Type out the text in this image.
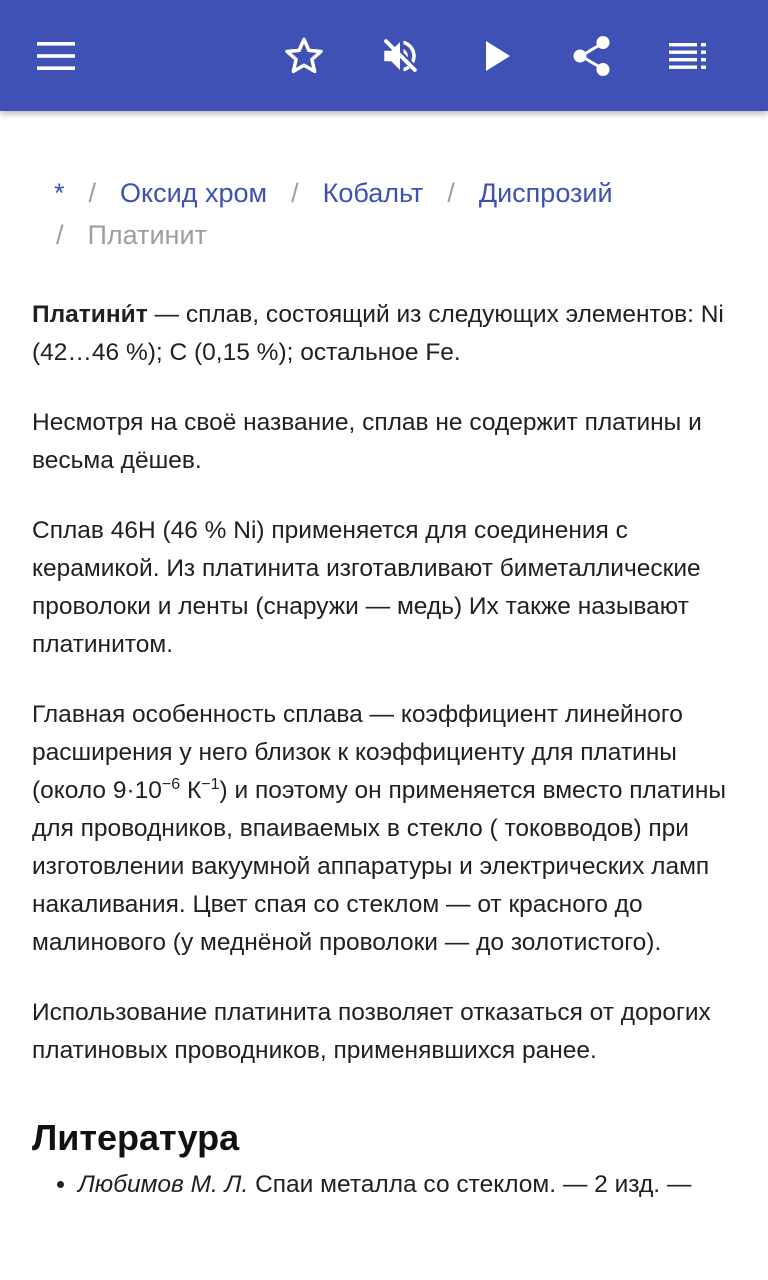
* / Оксид хром / Кобальт / Диспрозий
/ Платинит

Платини́т — сплав, состоящий из следующих элементов: Ni (42…46 %); C (0,15 %); остальное Fe.

Несмотря на своё название, сплав не содержит платины и весьма дёшев.

Сплав 46Н (46 % Ni) применяется для соединения с керамикой. Из платинита изготавливают биметаллические проволоки и ленты (снаружи — медь) Их также называют платинитом.

Главная особенность сплава — коэффициент линейного расширения у него близок к коэффициенту для платины (около $9\cdot 10^{-6}$ $К^{-1}$) и поэтому он применяется вместо платины для проводников, впаиваемых в стекло ( токовводов) при изготовлении вакуумной аппаратуры и электрических ламп накаливания. Цвет спая со стеклом — от красного до малинового (у меднёной проволоки — до золотистого).

Использование платинита позволяет отказаться от дорогих платиновых проводников, применявшихся ранее.

Литература
• Любимов М. Л. Спаи металла со стеклом. — 2 изд. —
